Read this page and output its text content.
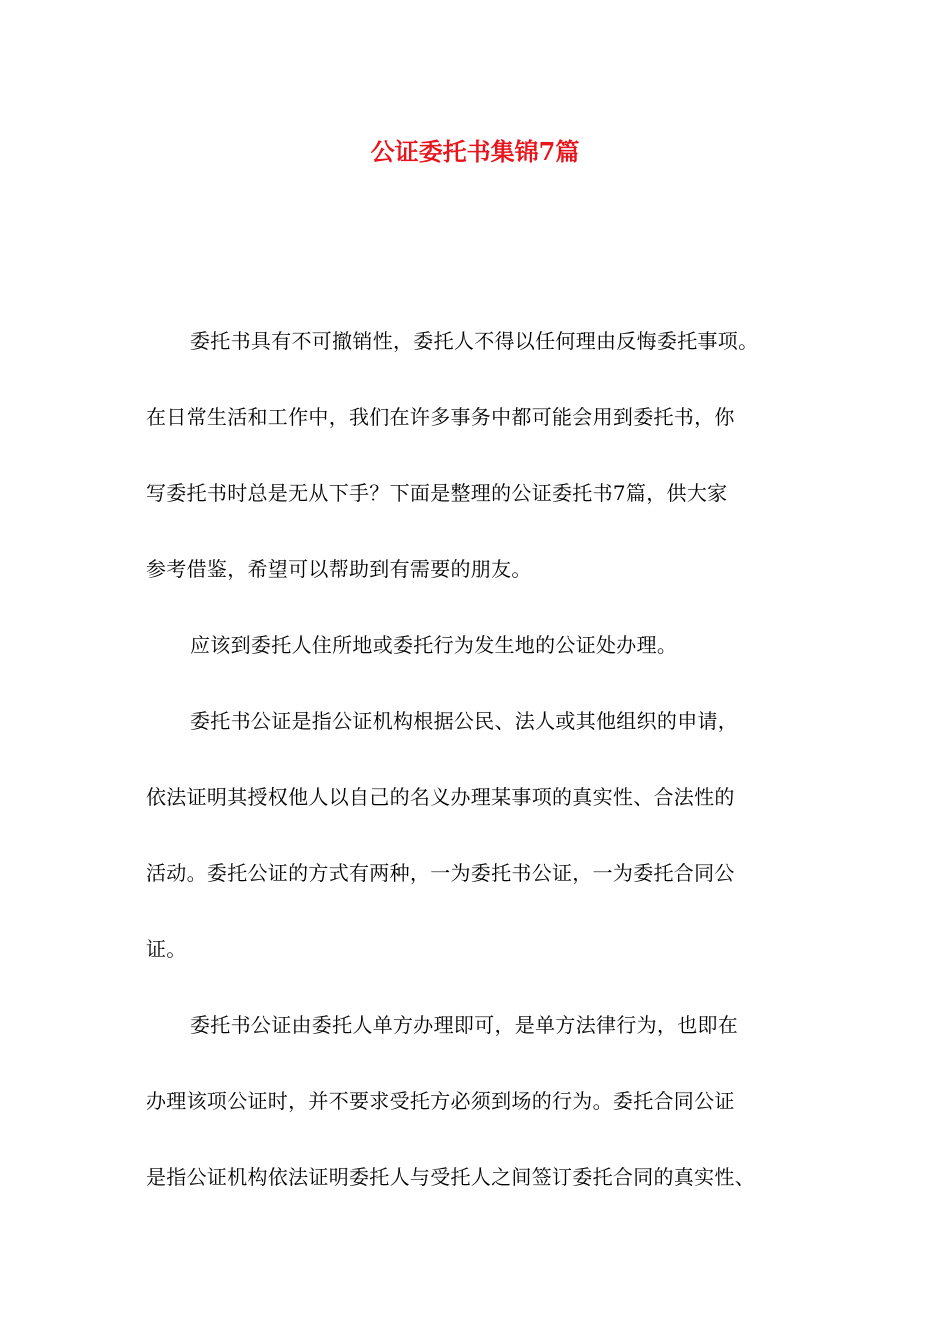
公证委托书集锦7篇

委托书具有不可撤销性，委托人不得以任何理由反悔委托事项。
在日常生活和工作中，我们在许多事务中都可能会用到委托书，你
写委托书时总是无从下手？下面是整理的公证委托书7篇，供大家
参考借鉴，希望可以帮助到有需要的朋友。

应该到委托人住所地或委托行为发生地的公证处办理。

委托书公证是指公证机构根据公民、法人或其他组织的申请，
依法证明其授权他人以自己的名义办理某事项的真实性、合法性的
活动。委托公证的方式有两种，一为委托书公证，一为委托合同公
证。

委托书公证由委托人单方办理即可，是单方法律行为，也即在
办理该项公证时，并不要求受托方必须到场的行为。委托合同公证
是指公证机构依法证明委托人与受托人之间签订委托合同的真实性、
